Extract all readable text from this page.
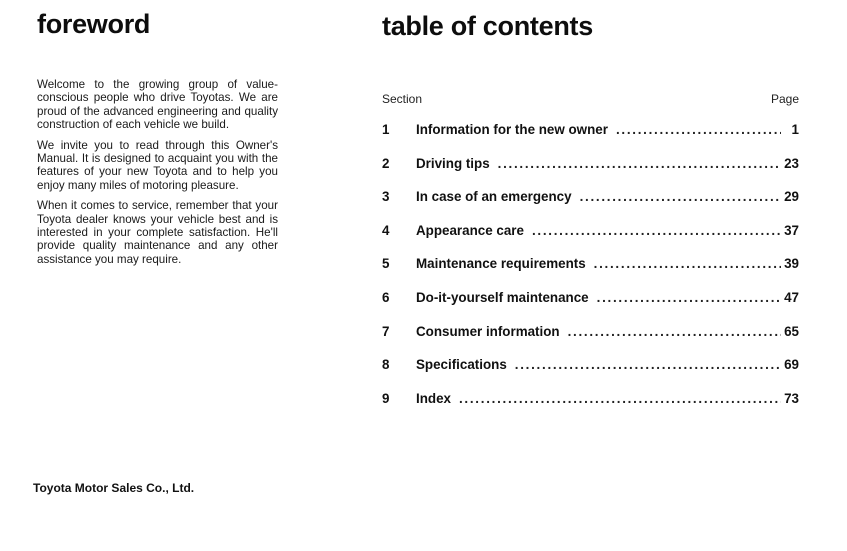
foreword

Welcome to the growing group of value-conscious people who drive Toyotas. We are proud of the advanced engineering and quality construction of each vehicle we build.

We invite you to read through this Owner's Manual. It is designed to acquaint you with the features of your new Toyota and to help you enjoy many miles of motoring pleasure.

When it comes to service, remember that your Toyota dealer knows your vehicle best and is interested in your complete satisfaction. He'll provide quality maintenance and any other assistance you may require.

Toyota Motor Sales Co., Ltd.
table of contents
Section	Page
1	Information for the new owner . . .	1
2	Driving tips . . .	23
3	In case of an emergency . . .	29
4	Appearance care . . .	37
5	Maintenance requirements . . .	39
6	Do-it-yourself maintenance . . .	47
7	Consumer information . . .	65
8	Specifications . . .	69
9	Index . . .	73
